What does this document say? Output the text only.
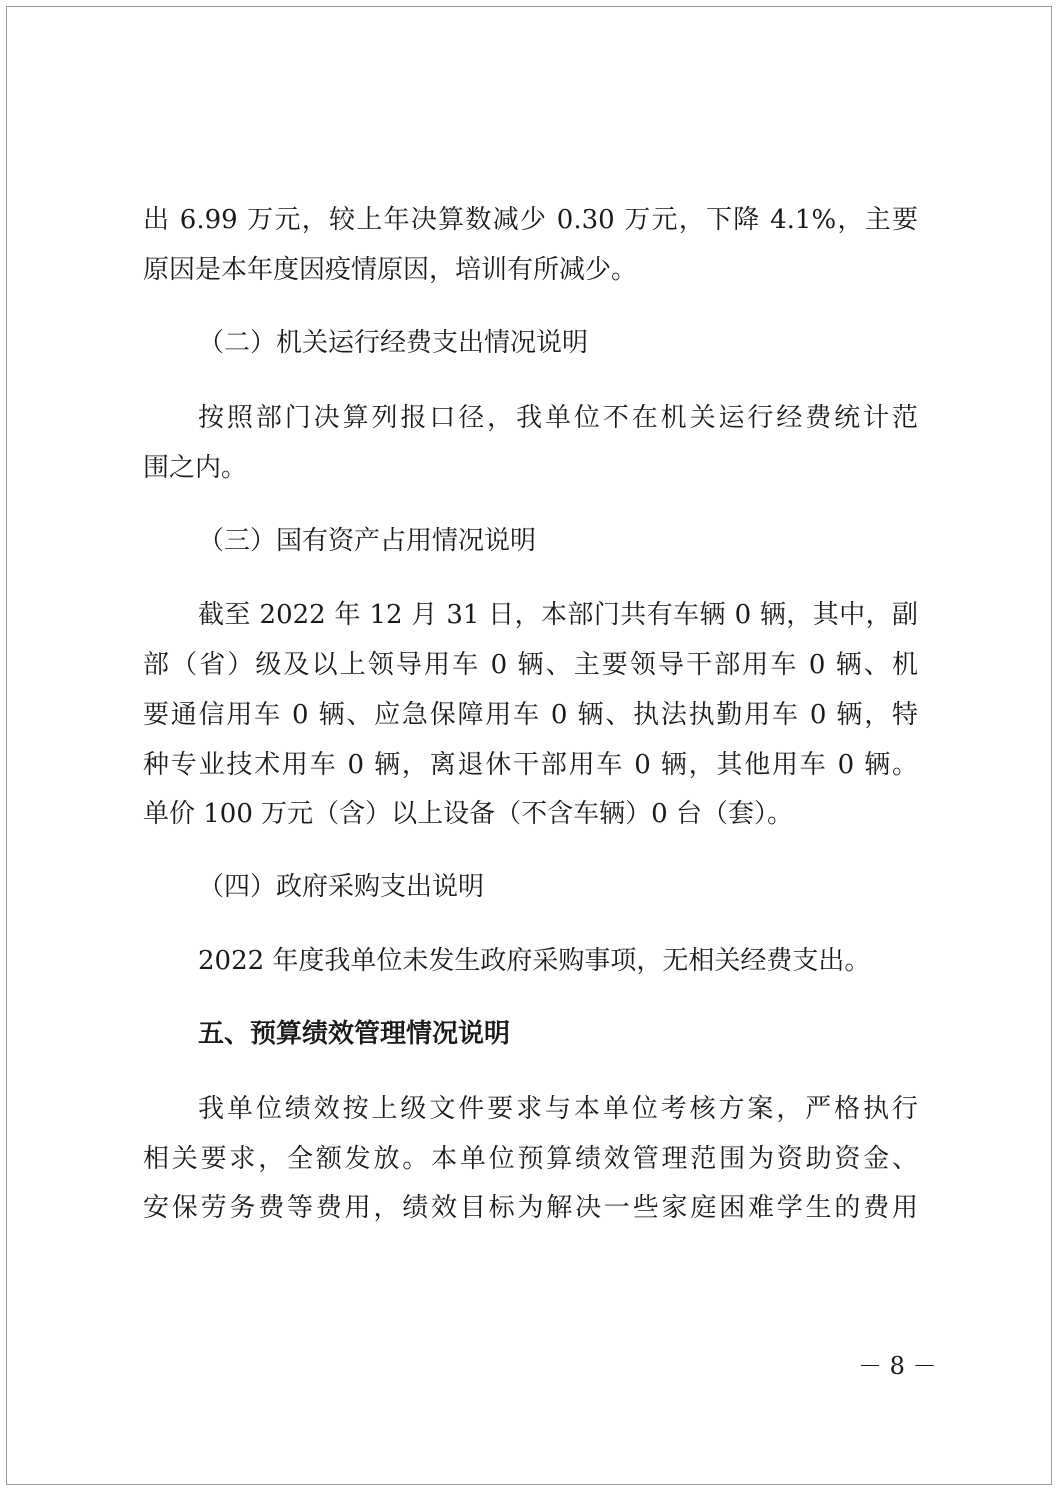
出 6.99 万元，较上年决算数减少 0.30 万元，下降 4.1%，主要
原因是本年度因疫情原因，培训有所减少。
（二）机关运行经费支出情况说明
按照部门决算列报口径，我单位不在机关运行经费统计范
围之内。
（三）国有资产占用情况说明
截至 2022 年 12 月 31 日，本部门共有车辆 0 辆，其中，副
部（省）级及以上领导用车 0 辆、主要领导干部用车 0 辆、机
要通信用车 0 辆、应急保障用车 0 辆、执法执勤用车 0 辆，特
种专业技术用车 0 辆，离退休干部用车 0 辆，其他用车 0 辆。
单价 100 万元（含）以上设备（不含车辆）0 台（套）。
（四）政府采购支出说明
2022 年度我单位未发生政府采购事项，无相关经费支出。
五、预算绩效管理情况说明
我单位绩效按上级文件要求与本单位考核方案，严格执行
相关要求，全额发放。本单位预算绩效管理范围为资助资金、
安保劳务费等费用，绩效目标为解决一些家庭困难学生的费用
－ 8 －
